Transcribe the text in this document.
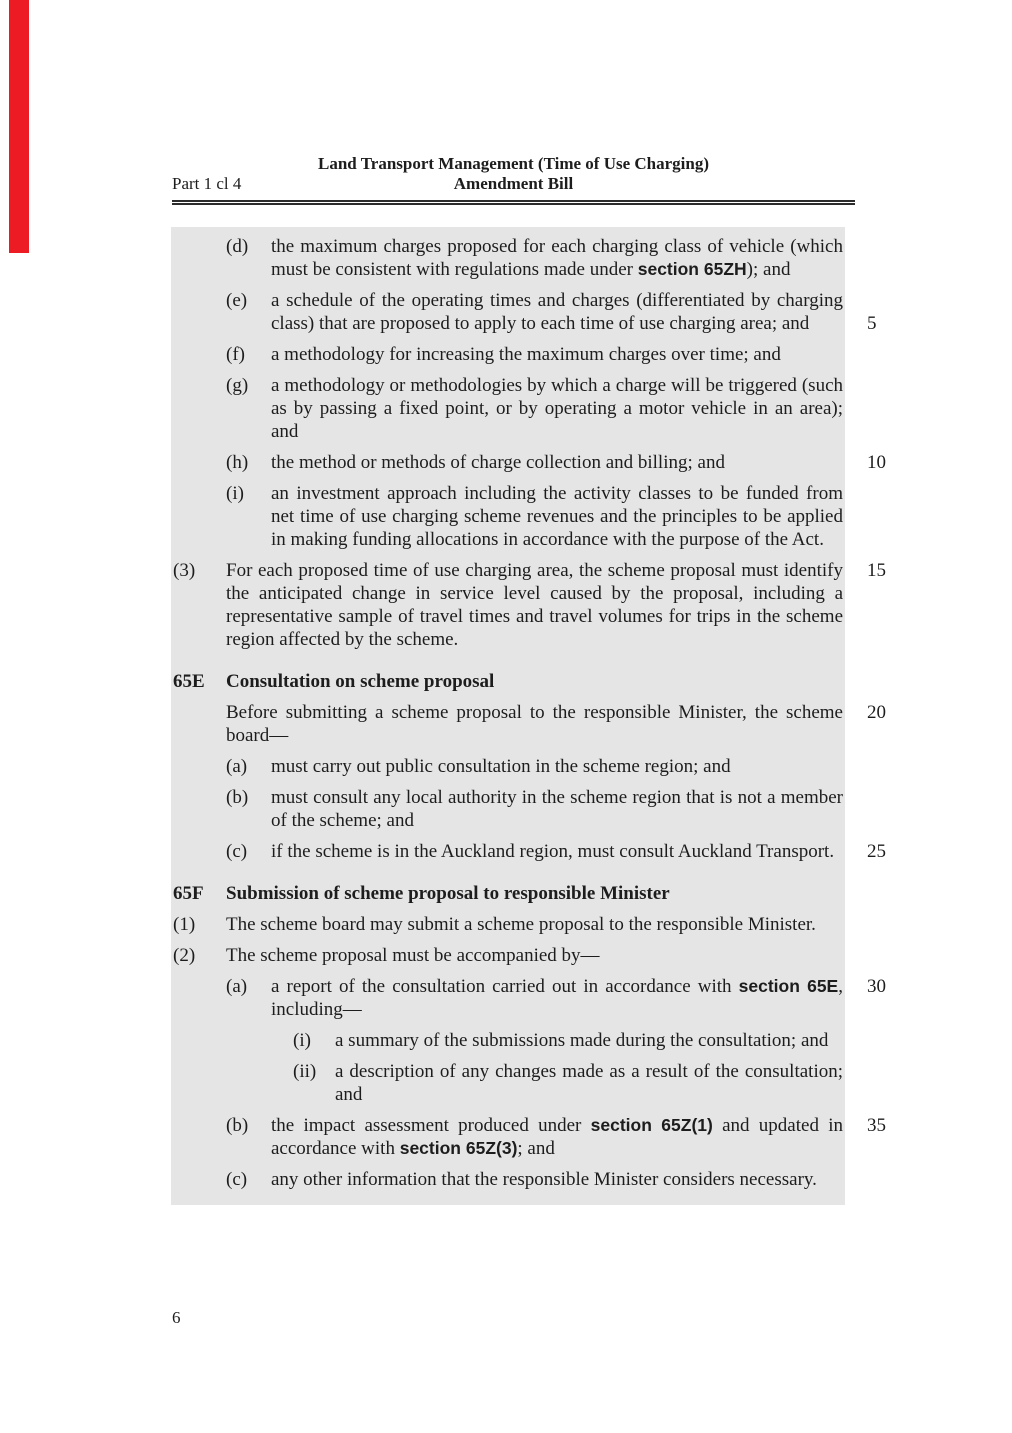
Land Transport Management (Time of Use Charging)
Part 1 cl 4	Amendment Bill
(d)	the maximum charges proposed for each charging class of vehicle (which must be consistent with regulations made under section 65ZH); and
(e)	a schedule of the operating times and charges (differentiated by charging class) that are proposed to apply to each time of use charging area; and	5
(f)	a methodology for increasing the maximum charges over time; and
(g)	a methodology or methodologies by which a charge will be triggered (such as by passing a fixed point, or by operating a motor vehicle in an area); and
(h)	the method or methods of charge collection and billing; and	10
(i)	an investment approach including the activity classes to be funded from net time of use charging scheme revenues and the principles to be applied in making funding allocations in accordance with the purpose of the Act.
(3)	For each proposed time of use charging area, the scheme proposal must identify the anticipated change in service level caused by the proposal, including a representative sample of travel times and travel volumes for trips in the scheme region affected by the scheme.
15
65E	Consultation on scheme proposal
Before submitting a scheme proposal to the responsible Minister, the scheme board—
20
(a)	must carry out public consultation in the scheme region; and
(b)	must consult any local authority in the scheme region that is not a member of the scheme; and
(c)	if the scheme is in the Auckland region, must consult Auckland Transport.	25
65F	Submission of scheme proposal to responsible Minister
(1)	The scheme board may submit a scheme proposal to the responsible Minister.
(2)	The scheme proposal must be accompanied by—
(a)	a report of the consultation carried out in accordance with section 65E, including—
30
(i)	a summary of the submissions made during the consultation; and
(ii) a description of any changes made as a result of the consultation; and
(b)	the impact assessment produced under section 65Z(1) and updated in accordance with section 65Z(3); and
35
(c)	any other information that the responsible Minister considers necessary.
6
